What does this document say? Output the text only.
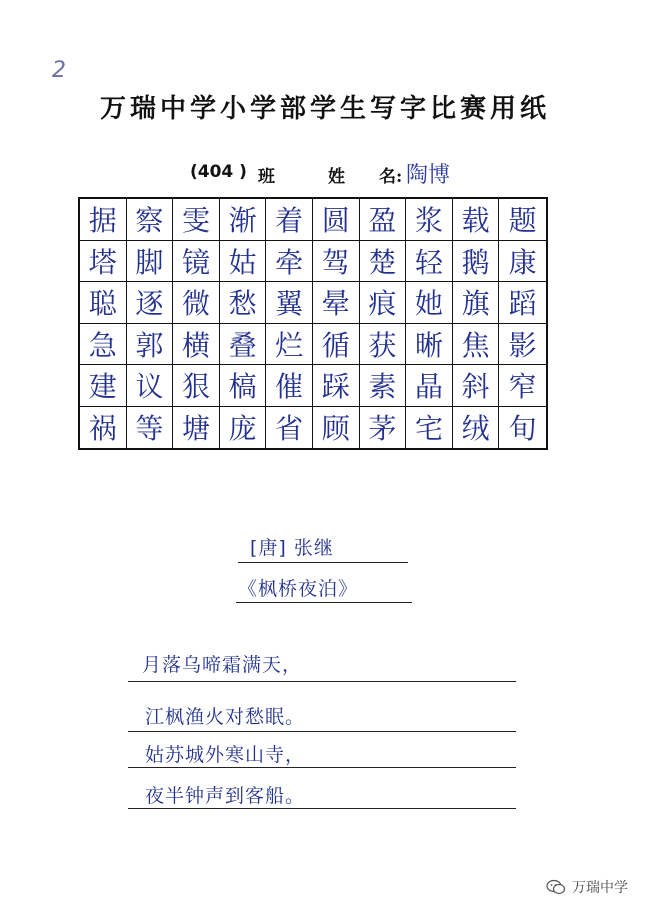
2
万瑞中学小学部学生写字比赛用纸
(404 ) 班	姓　　名: 陶博
据 察 雯 渐 着 圆 盈 浆 载 题
塔 脚 镜 姑 牵 驾 楚 轻 鹅 康
聪 逐 微 愁 翼 晕 痕 她 旗 蹈
急 郭 横 叠 烂 循 获 晰 焦 影
建 议 狠 槁 催 踩 素 晶 斜 窄
祸 等 塘 庞 省 顾 茅 宅 绒 旬
[唐] 张继
《枫桥夜泊》
月落乌啼霜满天，
江枫渔火对愁眠。
姑苏城外寒山寺，
夜半钟声到客船。
万瑞中学
